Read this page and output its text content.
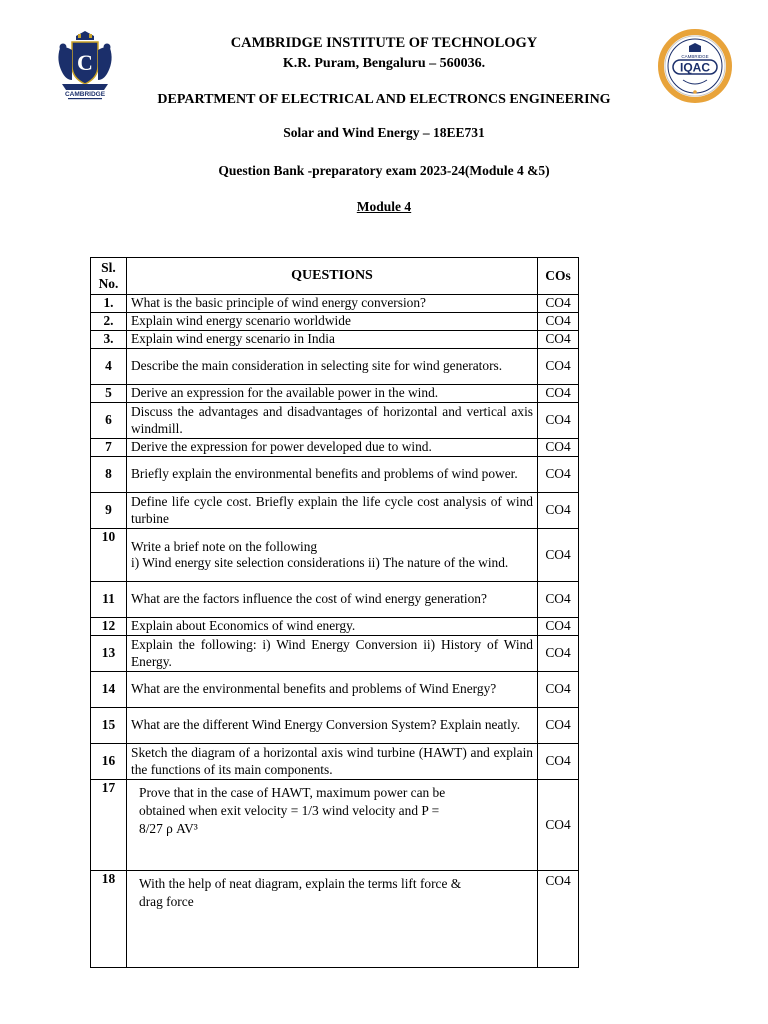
C
CAMBRIDGE
CAMBRIDGE
IQAC
CAMBRIDGE INSTITUTE OF TECHNOLOGY
K.R. Puram, Bengaluru – 560036.
DEPARTMENT OF ELECTRICAL AND ELECTRONCS ENGINEERING
Solar and Wind Energy – 18EE731
Question Bank -preparatory exam 2023-24(Module 4 &5)
Module 4
Sl.
No.	QUESTIONS	COs
1.	What is the basic principle of wind energy conversion?	CO4
2.	Explain wind energy scenario worldwide	CO4
3.	Explain wind energy scenario in India	CO4
4	Describe the main consideration in selecting site for wind generators.	CO4
5	Derive an expression for the available power in the wind.	CO4
6	Discuss the advantages and disadvantages of horizontal and vertical axis windmill.	CO4
7	Derive the expression for power developed due to wind.	CO4
8	Briefly explain the environmental benefits and problems of wind power.	CO4
9	Define life cycle cost. Briefly explain the life cycle cost analysis of wind turbine	CO4
10	Write a brief note on the following
i) Wind energy site selection considerations ii) The nature of the wind.	CO4
11	What are the factors influence the cost of wind energy generation?	CO4
12	Explain about Economics of wind energy.	CO4
13	Explain the following: i) Wind Energy Conversion ii) History of Wind Energy.	CO4
14	What are the environmental benefits and problems of Wind Energy?	CO4
15	What are the different Wind Energy Conversion System? Explain neatly.	CO4
16	Sketch the diagram of a horizontal axis wind turbine (HAWT) and explain the functions of its main components.	CO4
17	Prove that in the case of HAWT, maximum power can be
obtained when exit velocity = 1/3 wind velocity and P =
8/27 ρ AV³	CO4
18	With the help of neat diagram, explain the terms lift force &
drag force	CO4
